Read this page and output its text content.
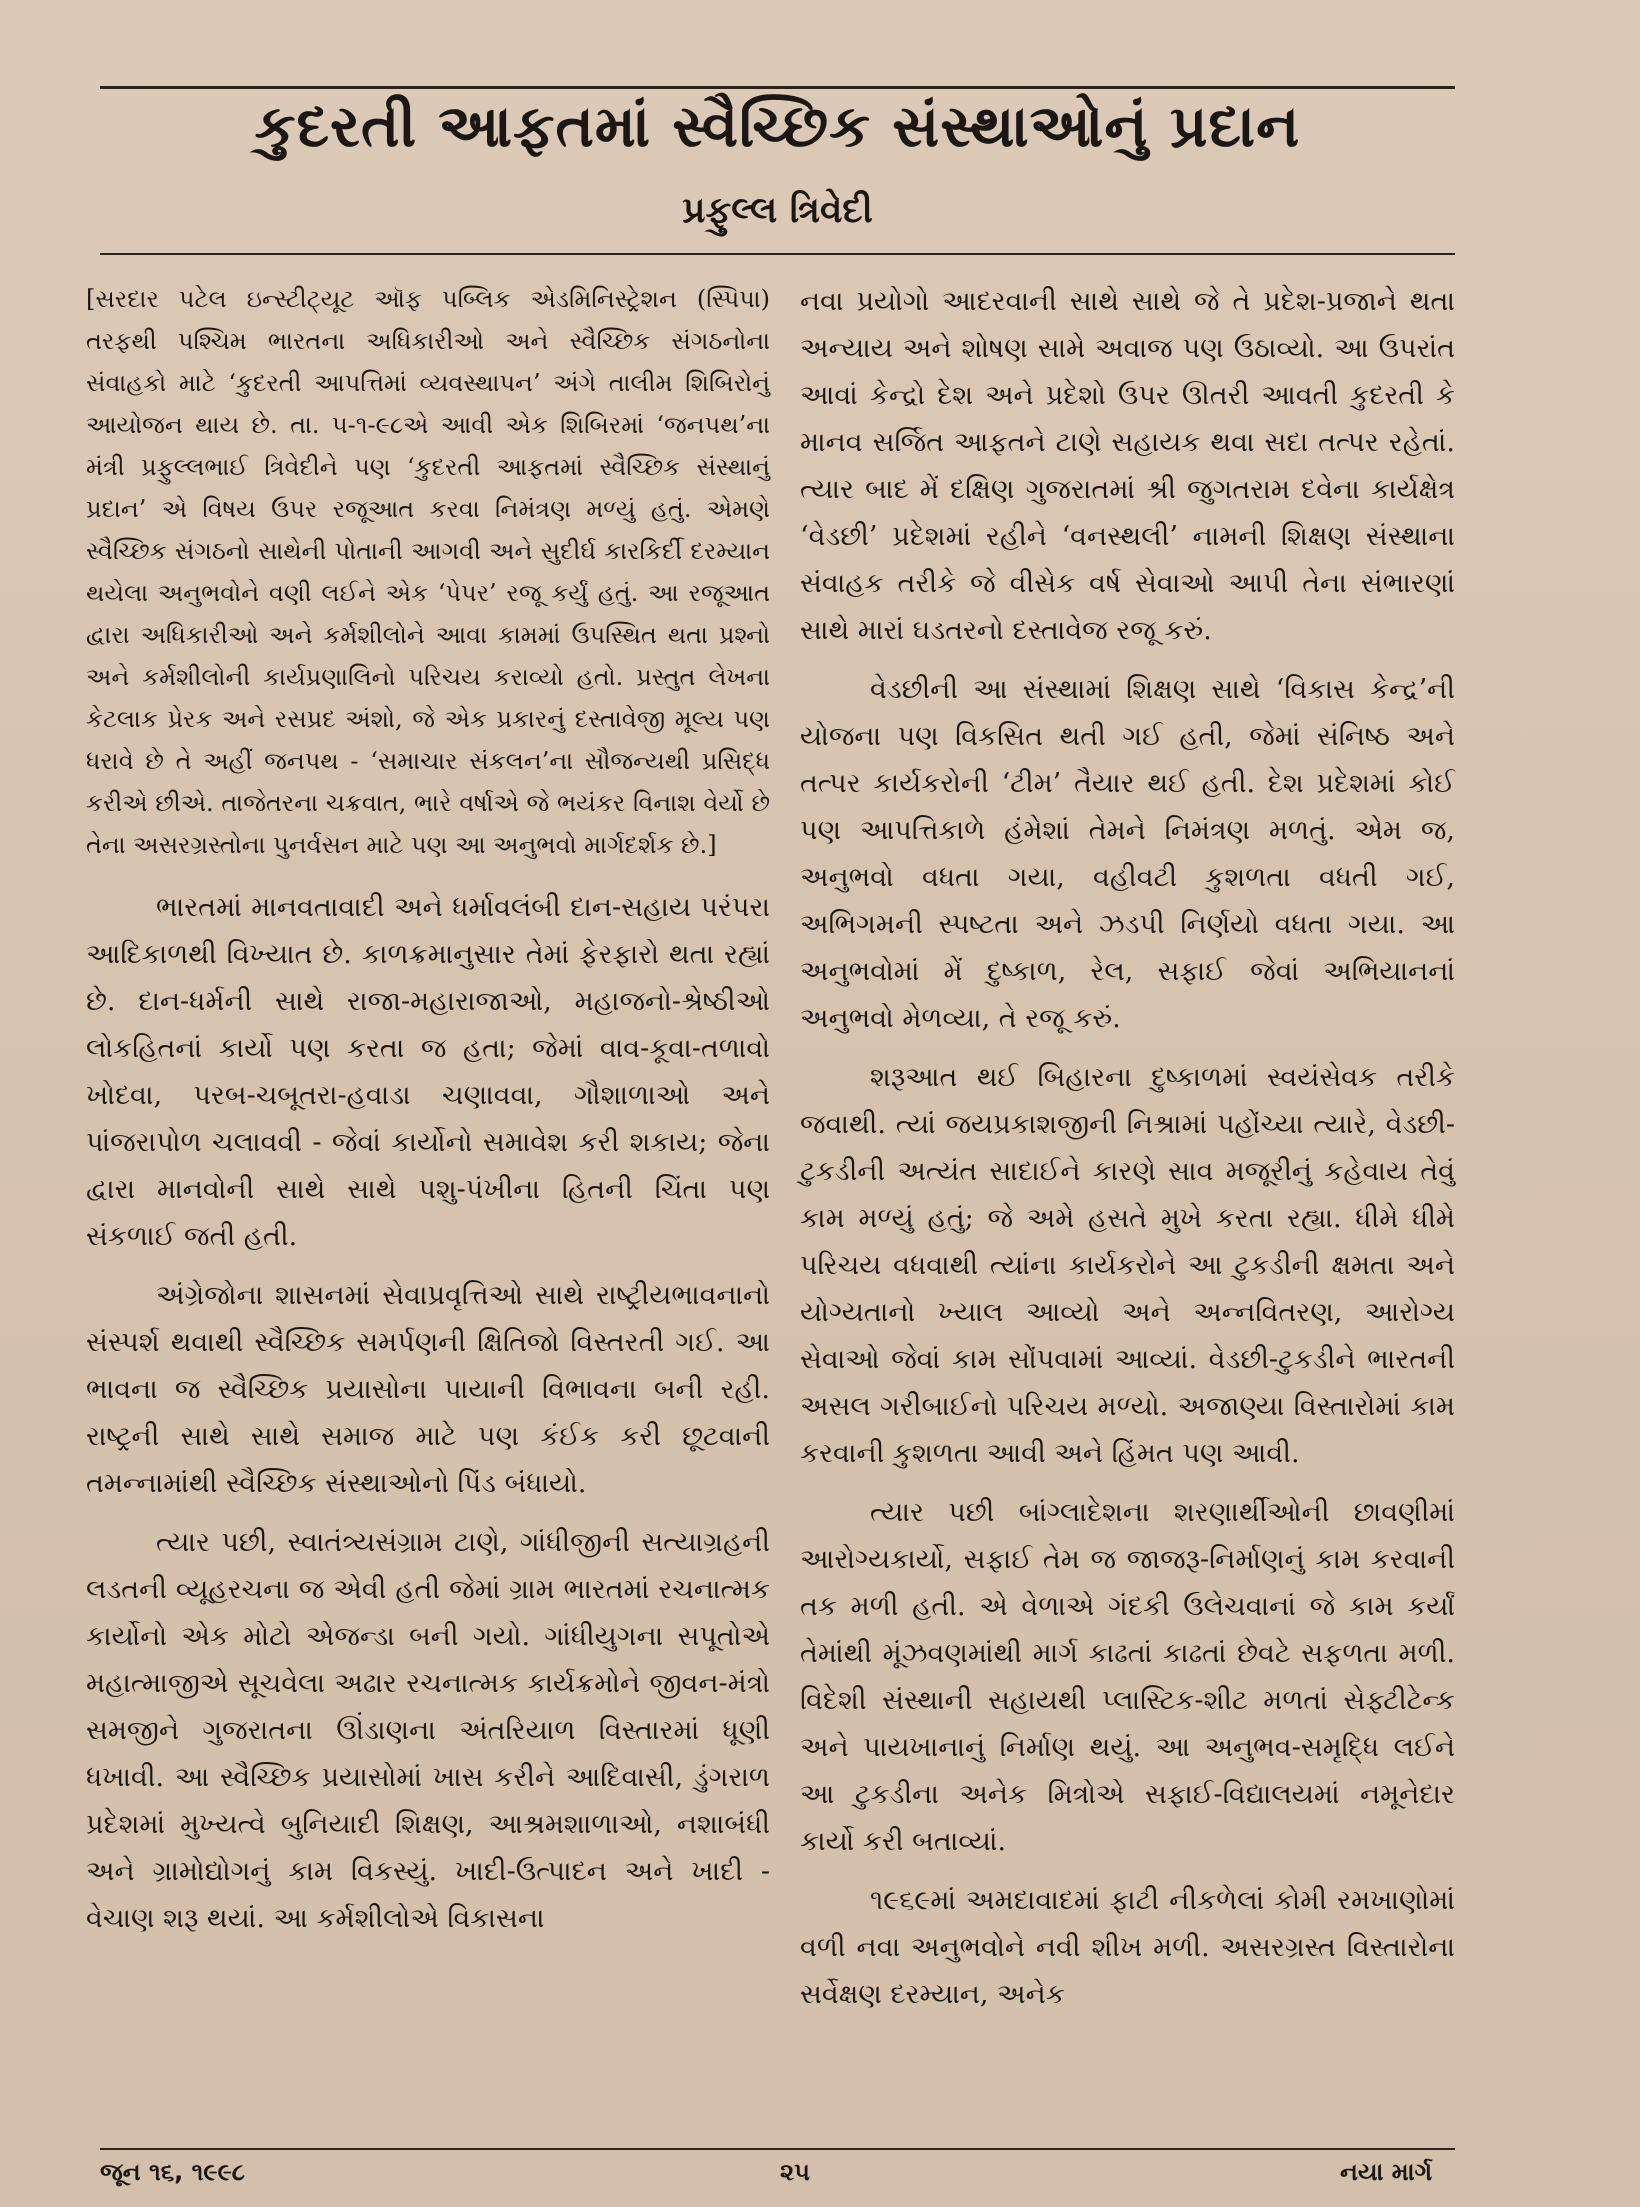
કુદરતી આફતમાં સ્વૈચ્છિક સંસ્થાઓનું પ્રદાન
પ્રફુલ્લ ત્રિવેદી

[સરદાર પટેલ ઇન્સ્ટીટ્યૂટ ઑફ પબ્લિક એડમિનિસ્ટ્રેશન (સ્પિપા) તરફથી પશ્ચિમ ભારતના અધિકારીઓ અને સ્વૈચ્છિક સંગઠનોના સંવાહકો માટે ‘કુદરતી આપત્તિમાં વ્યવસ્થાપન’ અંગે તાલીમ શિબિરોનું આયોજન થાય છે. તા. ૫-૧-૯૮એ આવી એક શિબિરમાં ‘જનપથ’ના મંત્રી પ્રફુલ્લભાઈ ત્રિવેદીને પણ ‘કુદરતી આફતમાં સ્વૈચ્છિક સંસ્થાનું પ્રદાન’ એ વિષય ઉપર રજૂઆત કરવા નિમંત્રણ મળ્યું હતું. એમણે સ્વૈચ્છિક સંગઠનો સાથેની પોતાની આગવી અને સુદીર્ઘ કારકિર્દી દરમ્યાન થયેલા અનુભવોને વણી લઈને એક ‘પેપર’ રજૂ કર્યું હતું. આ રજૂઆત દ્વારા અધિકારીઓ અને કર્મશીલોને આવા કામમાં ઉપસ્થિત થતા પ્રશ્નો અને કર્મશીલોની કાર્યપ્રણાલિનો પરિચય કરાવ્યો હતો. પ્રસ્તુત લેખના કેટલાક પ્રેરક અને રસપ્રદ અંશો, જે એક પ્રકારનું દસ્તાવેજી મૂલ્ય પણ ધરાવે છે તે અહીં જનપથ - ‘સમાચાર સંકલન’ના સૌજન્યથી પ્રસિદ્ધ કરીએ છીએ. તાજેતરના ચક્રવાત, ભારે વર્ષાએ જે ભયંકર વિનાશ વેર્યો છે તેના અસરગ્રસ્તોના પુનર્વસન માટે પણ આ અનુભવો માર્ગદર્શક છે.]

ભારતમાં માનવતાવાદી અને ધર્માવલંબી દાન-સહાય પરંપરા આદિકાળથી વિખ્યાત છે. કાળક્રમાનુસાર તેમાં ફેરફારો થતા રહ્યાં છે. દાન-ધર્મની સાથે રાજા-મહારાજાઓ, મહાજનો-શ્રેષ્ઠીઓ લોકહિતનાં કાર્યો પણ કરતા જ હતા; જેમાં વાવ-કૂવા-તળાવો ખોદવા, પરબ-ચબૂતરા-હવાડા ચણાવવા, ગૌશાળાઓ અને પાંજરાપોળ ચલાવવી - જેવાં કાર્યોનો સમાવેશ કરી શકાય; જેના દ્વારા માનવોની સાથે સાથે પશુ-પંખીના હિતની ચિંતા પણ સંકળાઈ જતી હતી.

અંગ્રેજોના શાસનમાં સેવાપ્રવૃત્તિઓ સાથે રાષ્ટ્રીયભાવનાનો સંસ્પર્શ થવાથી સ્વૈચ્છિક સમર્પણની ક્ષિતિજો વિસ્તરતી ગઈ. આ ભાવના જ સ્વૈચ્છિક પ્રયાસોના પાયાની વિભાવના બની રહી. રાષ્ટ્રની સાથે સાથે સમાજ માટે પણ કંઈક કરી છૂટવાની તમન્નામાંથી સ્વૈચ્છિક સંસ્થાઓનો પિંડ બંધાયો.

ત્યાર પછી, સ્વાતંત્ર્યસંગ્રામ ટાણે, ગાંધીજીની સત્યાગ્રહની લડતની વ્યૂહરચના જ એવી હતી જેમાં ગ્રામ ભારતમાં રચનાત્મક કાર્યોનો એક મોટો એજન્ડા બની ગયો. ગાંધીયુગના સપૂતોએ મહાત્માજીએ સૂચવેલા અઢાર રચનાત્મક કાર્યક્રમોને જીવન-મંત્રો સમજીને ગુજરાતના ઊંડાણના અંતરિયાળ વિસ્તારમાં ધૂણી ધખાવી. આ સ્વૈચ્છિક પ્રયાસોમાં ખાસ કરીને આદિવાસી, ડુંગરાળ પ્રદેશમાં મુખ્યત્વે બુનિયાદી શિક્ષણ, આશ્રમશાળાઓ, નશાબંધી અને ગ્રામોદ્યોગનું કામ વિકસ્યું. ખાદી-ઉત્પાદન અને ખાદી - વેચાણ શરૂ થયાં. આ કર્મશીલોએ વિકાસના

નવા પ્રયોગો આદરવાની સાથે સાથે જે તે પ્રદેશ-પ્રજાને થતા અન્યાય અને શોષણ સામે અવાજ પણ ઉઠાવ્યો. આ ઉપરાંત આવાં કેન્દ્રો દેશ અને પ્રદેશો ઉપર ઊતરી આવતી કુદરતી કે માનવ સર્જિત આફતને ટાણે સહાયક થવા સદા તત્પર રહેતાં. ત્યાર બાદ મેં દક્ષિણ ગુજરાતમાં શ્રી જુગતરામ દવેના કાર્યક્ષેત્ર ‘વેડછી’ પ્રદેશમાં રહીને ‘વનસ્થલી’ નામની શિક્ષણ સંસ્થાના સંવાહક તરીકે જે વીસેક વર્ષ સેવાઓ આપી તેના સંભારણાં સાથે મારાં ઘડતરનો દસ્તાવેજ રજૂ કરું.

વેડછીની આ સંસ્થામાં શિક્ષણ સાથે ‘વિકાસ કેન્દ્ર’ની યોજના પણ વિકસિત થતી ગઈ હતી, જેમાં સંનિષ્ઠ અને તત્પર કાર્યકરોની ‘ટીમ’ તૈયાર થઈ હતી. દેશ પ્રદેશમાં કોઈ પણ આપત્તિકાળે હંમેશાં તેમને નિમંત્રણ મળતું. એમ જ, અનુભવો વધતા ગયા, વહીવટી કુશળતા વધતી ગઈ, અભિગમની સ્પષ્ટતા અને ઝડપી નિર્ણયો વધતા ગયા. આ અનુભવોમાં મેં દુષ્કાળ, રેલ, સફાઈ જેવાં અભિયાનનાં અનુભવો મેળવ્યા, તે રજૂ કરું.

શરૂઆત થઈ બિહારના દુષ્કાળમાં સ્વયંસેવક તરીકે જવાથી. ત્યાં જયપ્રકાશજીની નિશ્રામાં પહોંચ્યા ત્યારે, વેડછી-ટુકડીની અત્યંત સાદાઈને કારણે સાવ મજૂરીનું કહેવાય તેવું કામ મળ્યું હતું; જે અમે હસતે મુખે કરતા રહ્યા. ધીમે ધીમે પરિચય વધવાથી ત્યાંના કાર્યકરોને આ ટુકડીની ક્ષમતા અને યોગ્યતાનો ખ્યાલ આવ્યો અને અન્નવિતરણ, આરોગ્ય સેવાઓ જેવાં કામ સોંપવામાં આવ્યાં. વેડછી-ટુકડીને ભારતની અસલ ગરીબાઈનો પરિચય મળ્યો. અજાણ્યા વિસ્તારોમાં કામ કરવાની કુશળતા આવી અને હિંમત પણ આવી.

ત્યાર પછી બાંગ્લાદેશના શરણાર્થીઓની છાવણીમાં આરોગ્યકાર્યો, સફાઈ તેમ જ જાજરૂ-નિર્માણનું કામ કરવાની તક મળી હતી. એ વેળાએ ગંદકી ઉલેચવાનાં જે કામ કર્યાં તેમાંથી મૂંઝવણમાંથી માર્ગ કાઢતાં કાઢતાં છેવટે સફળતા મળી. વિદેશી સંસ્થાની સહાયથી પ્લાસ્ટિક-શીટ મળતાં સેફ્ટીટેન્ક અને પાયખાનાનું નિર્માણ થયું. આ અનુભવ-સમૃદ્ધિ લઈને આ ટુકડીના અનેક મિત્રોએ સફાઈ-વિદ્યાલયમાં નમૂનેદાર કાર્યો કરી બતાવ્યાં.

૧૯૬૯માં અમદાવાદમાં ફાટી નીકળેલાં કોમી રમખાણોમાં વળી નવા અનુભવોને નવી શીખ મળી. અસરગ્રસ્ત વિસ્તારોના સર્વેક્ષણ દરમ્યાન, અનેક

જૂન ૧૬, ૧૯૯૮	૨૫	નયા માર્ગ
